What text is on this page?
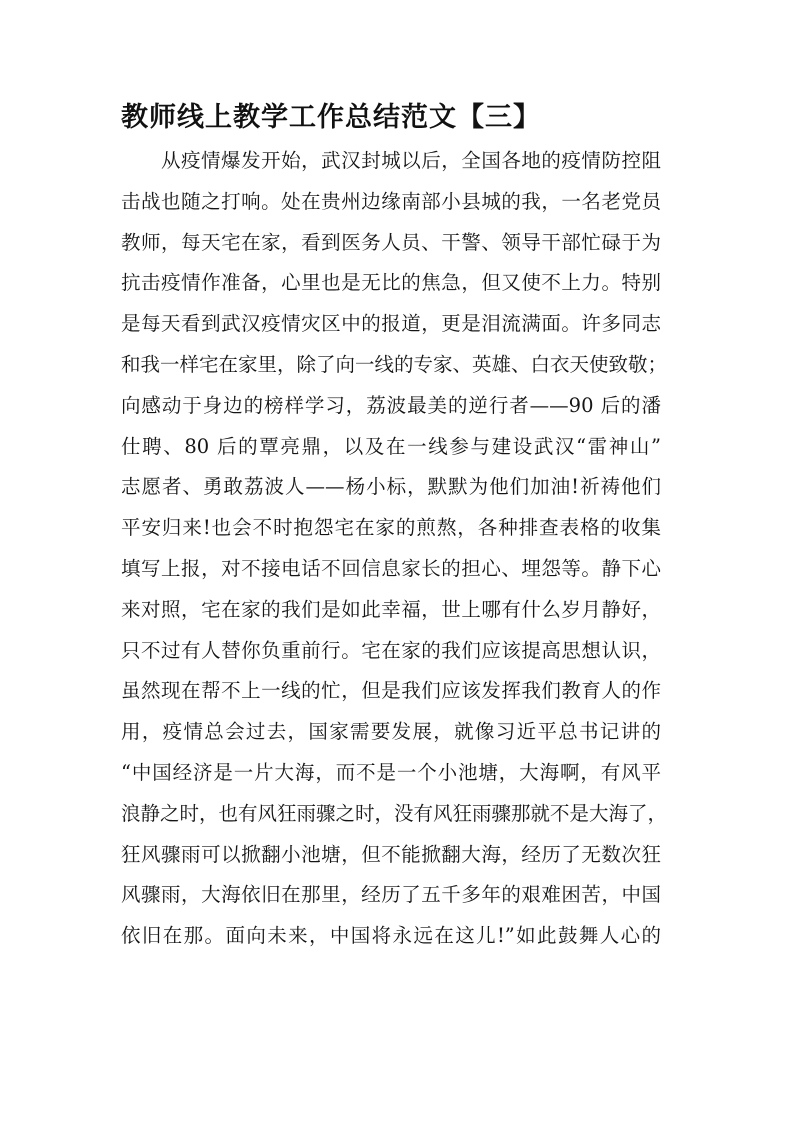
教师线上教学工作总结范文【三】
从疫情爆发开始，武汉封城以后，全国各地的疫情防控阻
击战也随之打响。处在贵州边缘南部小县城的我，一名老党员
教师，每天宅在家，看到医务人员、干警、领导干部忙碌于为
抗击疫情作准备，心里也是无比的焦急，但又使不上力。特别
是每天看到武汉疫情灾区中的报道，更是泪流满面。许多同志
和我一样宅在家里，除了向一线的专家、英雄、白衣天使致敬；
向感动于身边的榜样学习，荔波最美的逆行者——90 后的潘
仕聘、80 后的覃亮鼎，以及在一线参与建设武汉“雷神山”
志愿者、勇敢荔波人——杨小标，默默为他们加油!祈祷他们
平安归来!也会不时抱怨宅在家的煎熬，各种排查表格的收集
填写上报，对不接电话不回信息家长的担心、埋怨等。静下心
来对照，宅在家的我们是如此幸福，世上哪有什么岁月静好，
只不过有人替你负重前行。宅在家的我们应该提高思想认识，
虽然现在帮不上一线的忙，但是我们应该发挥我们教育人的作
用，疫情总会过去，国家需要发展，就像习近平总书记讲的
“中国经济是一片大海，而不是一个小池塘，大海啊，有风平
浪静之时，也有风狂雨骤之时，没有风狂雨骤那就不是大海了，
狂风骤雨可以掀翻小池塘，但不能掀翻大海，经历了无数次狂
风骤雨，大海依旧在那里，经历了五千多年的艰难困苦，中国
依旧在那。面向未来，中国将永远在这儿!”如此鼓舞人心的
